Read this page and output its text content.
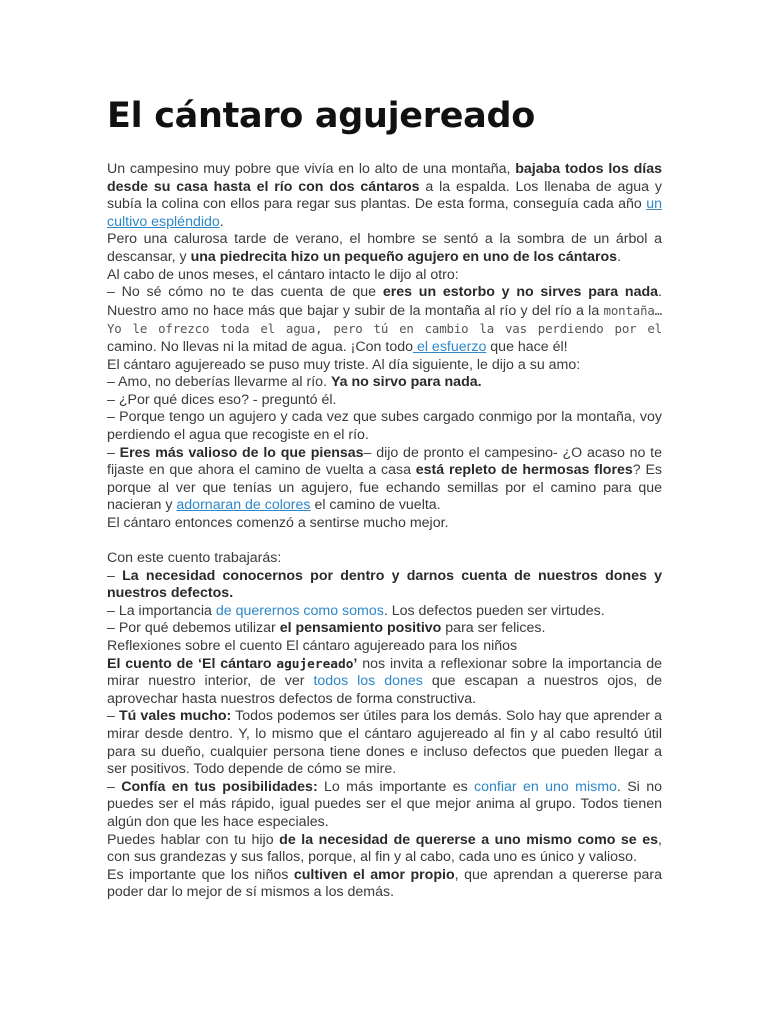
El cántaro agujereado

Un campesino muy pobre que vivía en lo alto de una montaña, bajaba todos los días desde su casa hasta el río con dos cántaros a la espalda. Los llenaba de agua y subía la colina con ellos para regar sus plantas. De esta forma, conseguía cada año un cultivo espléndido.

Pero una calurosa tarde de verano, el hombre se sentó a la sombra de un árbol a descansar, y una piedrecita hizo un pequeño agujero en uno de los cántaros.

Al cabo de unos meses, el cántaro intacto le dijo al otro:

– No sé cómo no te das cuenta de que eres un estorbo y no sirves para nada. Nuestro amo no hace más que bajar y subir de la montaña al río y del río a la montaña… Yo le ofrezco toda el agua, pero tú en cambio la vas perdiendo por el camino. No llevas ni la mitad de agua. ¡Con todo el esfuerzo que hace él!

El cántaro agujereado se puso muy triste. Al día siguiente, le dijo a su amo:

– Amo, no deberías llevarme al río. Ya no sirvo para nada.

– ¿Por qué dices eso? - preguntó él.

– Porque tengo un agujero y cada vez que subes cargado conmigo por la montaña, voy perdiendo el agua que recogiste en el río.

– Eres más valioso de lo que piensas– dijo de pronto el campesino- ¿O acaso no te fijaste en que ahora el camino de vuelta a casa está repleto de hermosas flores? Es porque al ver que tenías un agujero, fue echando semillas por el camino para que nacieran y adornaran de colores el camino de vuelta.

El cántaro entonces comenzó a sentirse mucho mejor.

Con este cuento trabajarás:

– La necesidad conocernos por dentro y darnos cuenta de nuestros dones y nuestros defectos.

– La importancia de querernos como somos. Los defectos pueden ser virtudes.

– Por qué debemos utilizar el pensamiento positivo para ser felices.

Reflexiones sobre el cuento El cántaro agujereado para los niños

El cuento de ‘El cántaro agujereado’ nos invita a reflexionar sobre la importancia de mirar nuestro interior, de ver todos los dones que escapan a nuestros ojos, de aprovechar hasta nuestros defectos de forma constructiva.

– Tú vales mucho: Todos podemos ser útiles para los demás. Solo hay que aprender a mirar desde dentro. Y, lo mismo que el cántaro agujereado al fin y al cabo resultó útil para su dueño, cualquier persona tiene dones e incluso defectos que pueden llegar a ser positivos. Todo depende de cómo se mire.

– Confía en tus posibilidades: Lo más importante es confiar en uno mismo. Si no puedes ser el más rápido, igual puedes ser el que mejor anima al grupo. Todos tienen algún don que les hace especiales.

Puedes hablar con tu hijo de la necesidad de quererse a uno mismo como se es, con sus grandezas y sus fallos, porque, al fin y al cabo, cada uno es único y valioso.

Es importante que los niños cultiven el amor propio, que aprendan a quererse para poder dar lo mejor de sí mismos a los demás.
